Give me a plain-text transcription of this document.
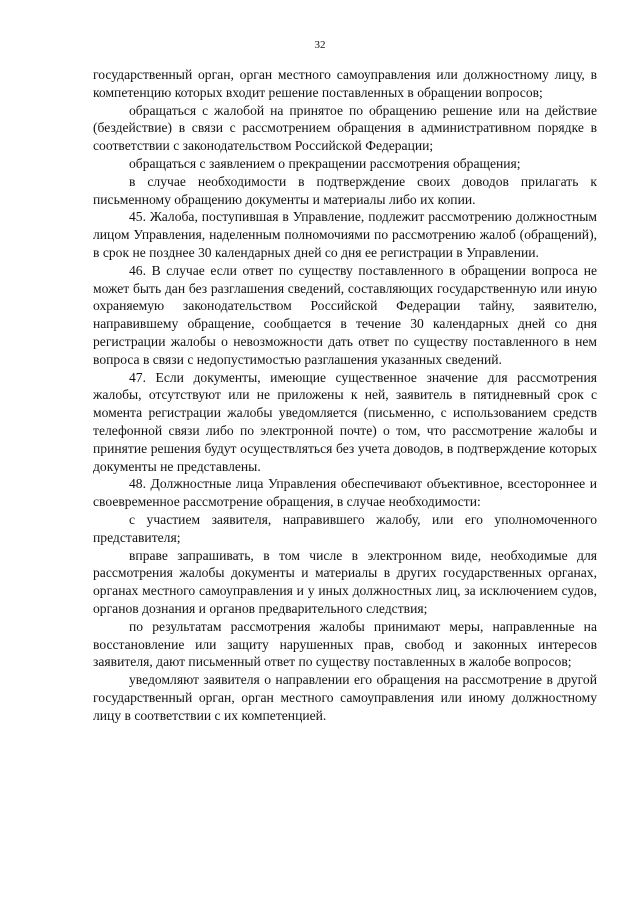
32

государственный орган, орган местного самоуправления или должностному лицу, в компетенцию которых входит решение поставленных в обращении вопросов;

обращаться с жалобой на принятое по обращению решение или на действие (бездействие) в связи с рассмотрением обращения в административном порядке в соответствии с законодательством Российской Федерации;

обращаться с заявлением о прекращении рассмотрения обращения;

в случае необходимости в подтверждение своих доводов прилагать к письменному обращению документы и материалы либо их копии.

45. Жалоба, поступившая в Управление, подлежит рассмотрению должностным лицом Управления, наделенным полномочиями по рассмотрению жалоб (обращений), в срок не позднее 30 календарных дней со дня ее регистрации в Управлении.

46. В случае если ответ по существу поставленного в обращении вопроса не может быть дан без разглашения сведений, составляющих государственную или иную охраняемую законодательством Российской Федерации тайну, заявителю, направившему обращение, сообщается в течение 30 календарных дней со дня регистрации жалобы о невозможности дать ответ по существу поставленного в нем вопроса в связи с недопустимостью разглашения указанных сведений.

47. Если документы, имеющие существенное значение для рассмотрения жалобы, отсутствуют или не приложены к ней, заявитель в пятидневный срок с момента регистрации жалобы уведомляется (письменно, с использованием средств телефонной связи либо по электронной почте) о том, что рассмотрение жалобы и принятие решения будут осуществляться без учета доводов, в подтверждение которых документы не представлены.

48. Должностные лица Управления обеспечивают объективное, всестороннее и своевременное рассмотрение обращения, в случае необходимости:

с участием заявителя, направившего жалобу, или его уполномоченного представителя;

вправе запрашивать, в том числе в электронном виде, необходимые для рассмотрения жалобы документы и материалы в других государственных органах, органах местного самоуправления и у иных должностных лиц, за исключением судов, органов дознания и органов предварительного следствия;

по результатам рассмотрения жалобы принимают меры, направленные на восстановление или защиту нарушенных прав, свобод и законных интересов заявителя, дают письменный ответ по существу поставленных в жалобе вопросов;

уведомляют заявителя о направлении его обращения на рассмотрение в другой государственный орган, орган местного самоуправления или иному должностному лицу в соответствии с их компетенцией.
